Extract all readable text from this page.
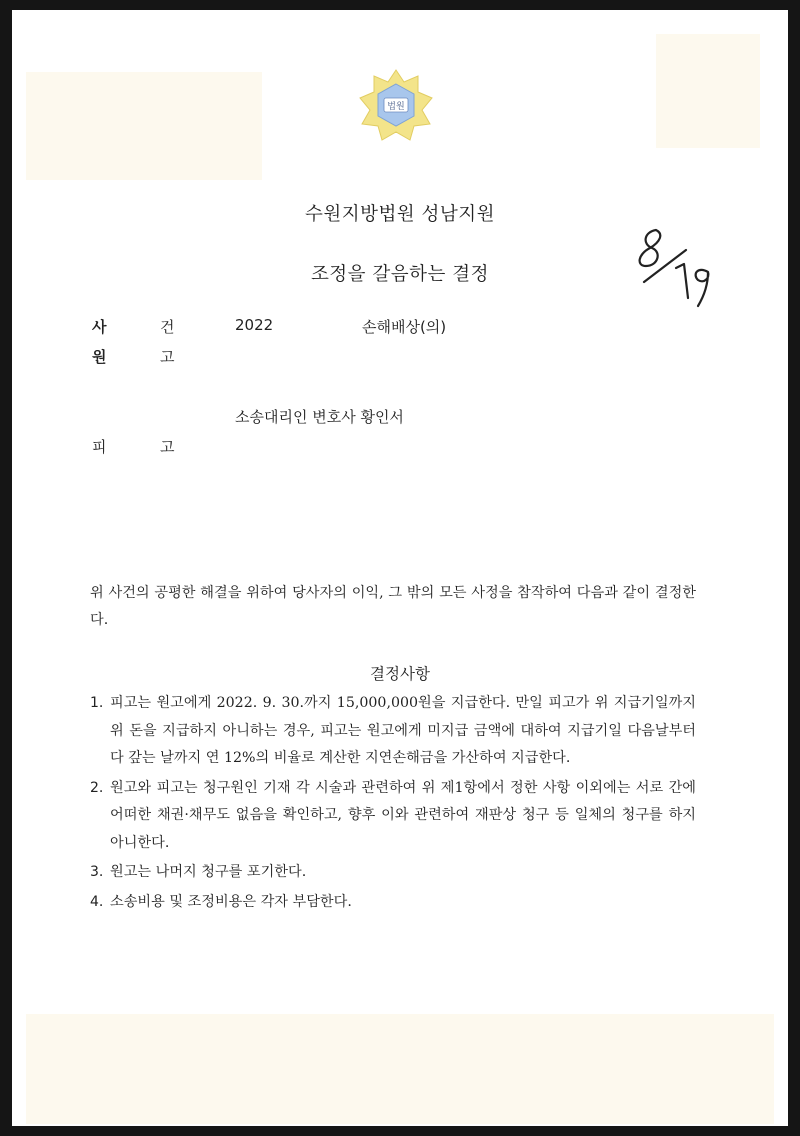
법원
수원지방법원 성남지원
조정을 갈음하는 결정
사	건	2022	손해배상(의)
원	고
소송대리인 변호사 황인서
피	고
위 사건의 공평한 해결을 위하여 당사자의 이익, 그 밖의 모든 사정을 참작하여 다음과 같이 결정한다.
결정사항
1. 피고는 원고에게 2022. 9. 30.까지 15,000,000원을 지급한다. 만일 피고가 위 지급기일까지 위 돈을 지급하지 아니하는 경우, 피고는 원고에게 미지급 금액에 대하여 지급기일 다음날부터 다 갚는 날까지 연 12%의 비율로 계산한 지연손해금을 가산하여 지급한다.
2. 원고와 피고는 청구원인 기재 각 시술과 관련하여 위 제1항에서 정한 사항 이외에는 서로 간에 어떠한 채권·채무도 없음을 확인하고, 향후 이와 관련하여 재판상 청구 등 일체의 청구를 하지 아니한다.
3. 원고는 나머지 청구를 포기한다.
4. 소송비용 및 조정비용은 각자 부담한다.
